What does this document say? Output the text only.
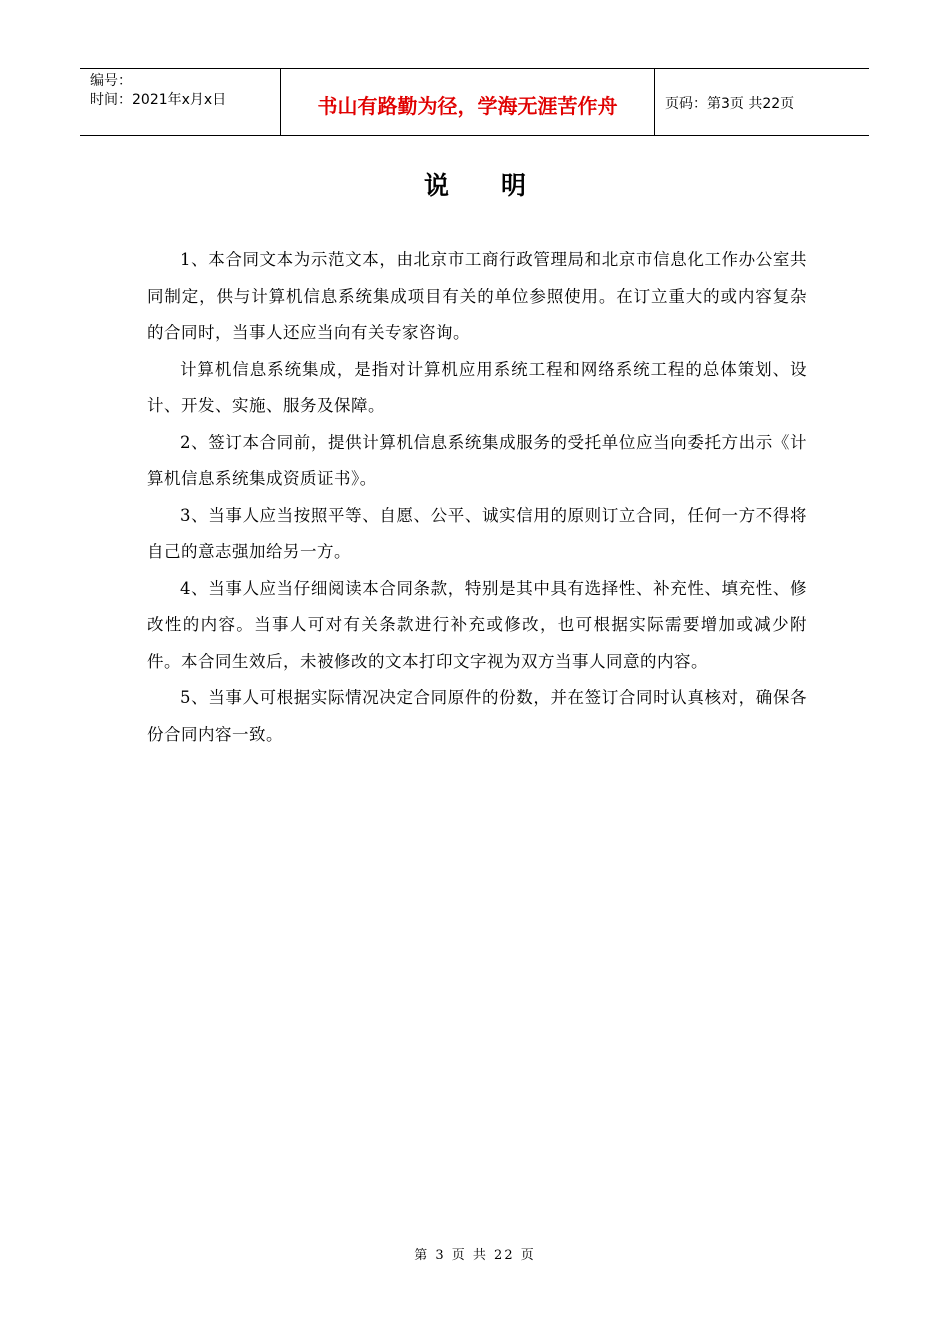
编号：
时间：2021年x月x日	书山有路勤为径，学海无涯苦作舟	页码：第3页 共22页
说明

1、本合同文本为示范文本，由北京市工商行政管理局和北京市信息化工作办公室共同制定，供与计算机信息系统集成项目有关的单位参照使用。在订立重大的或内容复杂的合同时，当事人还应当向有关专家咨询。

计算机信息系统集成，是指对计算机应用系统工程和网络系统工程的总体策划、设计、开发、实施、服务及保障。

2、签订本合同前，提供计算机信息系统集成服务的受托单位应当向委托方出示《计算机信息系统集成资质证书》。

3、当事人应当按照平等、自愿、公平、诚实信用的原则订立合同，任何一方不得将自己的意志强加给另一方。

4、当事人应当仔细阅读本合同条款，特别是其中具有选择性、补充性、填充性、修改性的内容。当事人可对有关条款进行补充或修改，也可根据实际需要增加或减少附件。本合同生效后，未被修改的文本打印文字视为双方当事人同意的内容。

5、当事人可根据实际情况决定合同原件的份数，并在签订合同时认真核对，确保各份合同内容一致。

第 3 页 共 22 页
